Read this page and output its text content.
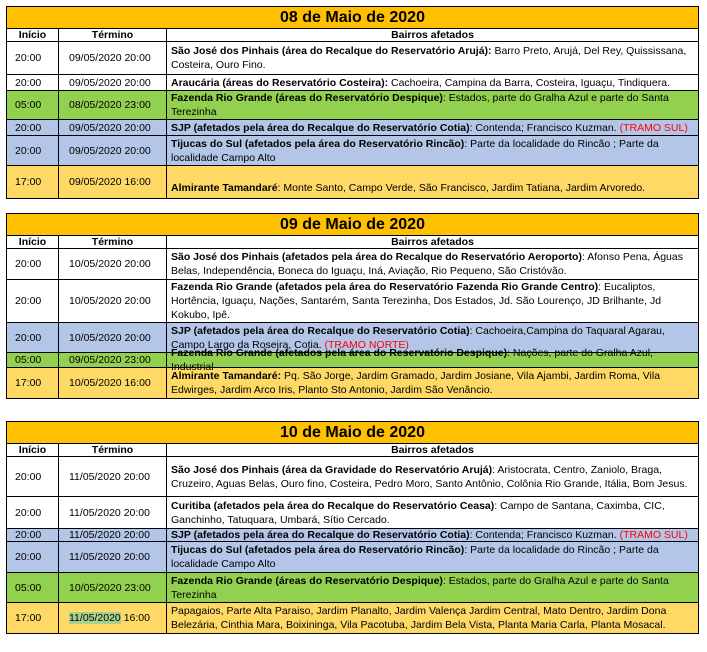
08 de Maio de 2020
Início	Término	Bairros afetados
20:00	09/05/2020 20:00
São José dos Pinhais (área do Recalque do Reservatório Arujá): Barro Preto, Arujá, Del Rey, Quississana, Costeira, Ouro Fino.
20:00	09/05/2020 20:00	Araucária (áreas do Reservatório Costeira): Cachoeira, Campina da Barra, Costeira, Iguaçu, Tindiquera.
05:00	08/05/2020 23:00
Fazenda Rio Grande (áreas do Reservatório Despique): Estados, parte do Gralha Azul e parte do Santa Terezinha
20:00	09/05/2020 20:00	SJP (afetados pela área do Recalque do Reservatório Cotia): Contenda; Francisco Kuzman. (TRAMO SUL)
20:00	09/05/2020 20:00
Tijucas do Sul (afetados pela área do Reservatório Rincão): Parte da localidade do Rincão ; Parte da localidade Campo Alto
17:00	09/05/2020 16:00	Almirante Tamandaré: Monte Santo, Campo Verde, São Francisco, Jardim Tatiana, Jardim Arvoredo.
09 de Maio de 2020
Início	Término	Bairros afetados
20:00	10/05/2020 20:00
São José dos Pinhais (afetados pela área do Recalque do Reservatório Aeroporto): Afonso Pena, Águas Belas, Independência, Boneca do Iguaçu, Iná, Aviação, Rio Pequeno, São Cristóvão.
20:00	10/05/2020 20:00
Fazenda Rio Grande (afetados pela área do Reservatório Fazenda Rio Grande Centro): Eucaliptos, Hortência, Iguaçu, Nações, Santarém, Santa Terezinha, Dos Estados, Jd. São Lourenço, JD Brilhante, Jd Kokubo, Ipê.
20:00	10/05/2020 20:00
SJP (afetados pela área do Recalque do Reservatório Cotia): Cachoeira,Campina do Taquaral Agarau, Campo Largo da Roseira, Cotia. (TRAMO NORTE)
05:00	09/05/2020 23:00
Fazenda Rio Grande (afetados pela área do Reservatório Despique): Nações, parte do Gralha Azul, Industrial
17:00	10/05/2020 16:00
Almirante Tamandaré: Pq. São Jorge, Jardim Gramado, Jardim Josiane, Vila Ajambi, Jardim Roma, Vila Edwirges, Jardim Arco Iris, Planto Sto Antonio, Jardim São Venâncio.
10 de Maio de 2020
Início	Término	Bairros afetados
20:00	11/05/2020 20:00
São José dos Pinhais (área da Gravidade do Reservatório Arujá): Aristocrata, Centro, Zaniolo, Braga, Cruzeiro, Aguas Belas, Ouro fino, Costeira, Pedro Moro, Santo Antônio, Colônia Rio Grande, Itália, Bom Jesus.
20:00	11/05/2020 20:00
Curitiba (afetados pela área do Recalque do Reservatório Ceasa): Campo de Santana, Caximba, CIC, Ganchinho, Tatuquara, Umbará, Sítio Cercado.
20:00	11/05/2020 20:00	SJP (afetados pela área do Recalque do Reservatório Cotia): Contenda; Francisco Kuzman. (TRAMO SUL)
20:00	11/05/2020 20:00
Tijucas do Sul (afetados pela área do Reservatório Rincão): Parte da localidade do Rincão ; Parte da localidade Campo Alto
05:00	10/05/2020 23:00
Fazenda Rio Grande (áreas do Reservatório Despique): Estados, parte do Gralha Azul e parte do Santa Terezinha
17:00	11/05/2020 16:00
Papagaios, Parte Alta Paraiso, Jardim Planalto, Jardim Valença Jardim Central, Mato Dentro, Jardim Dona Belezária, Cinthia Mara, Boixininga, Vila Pacotuba, Jardim Bela Vista, Planta Maria Carla, Planta Mosacal.
